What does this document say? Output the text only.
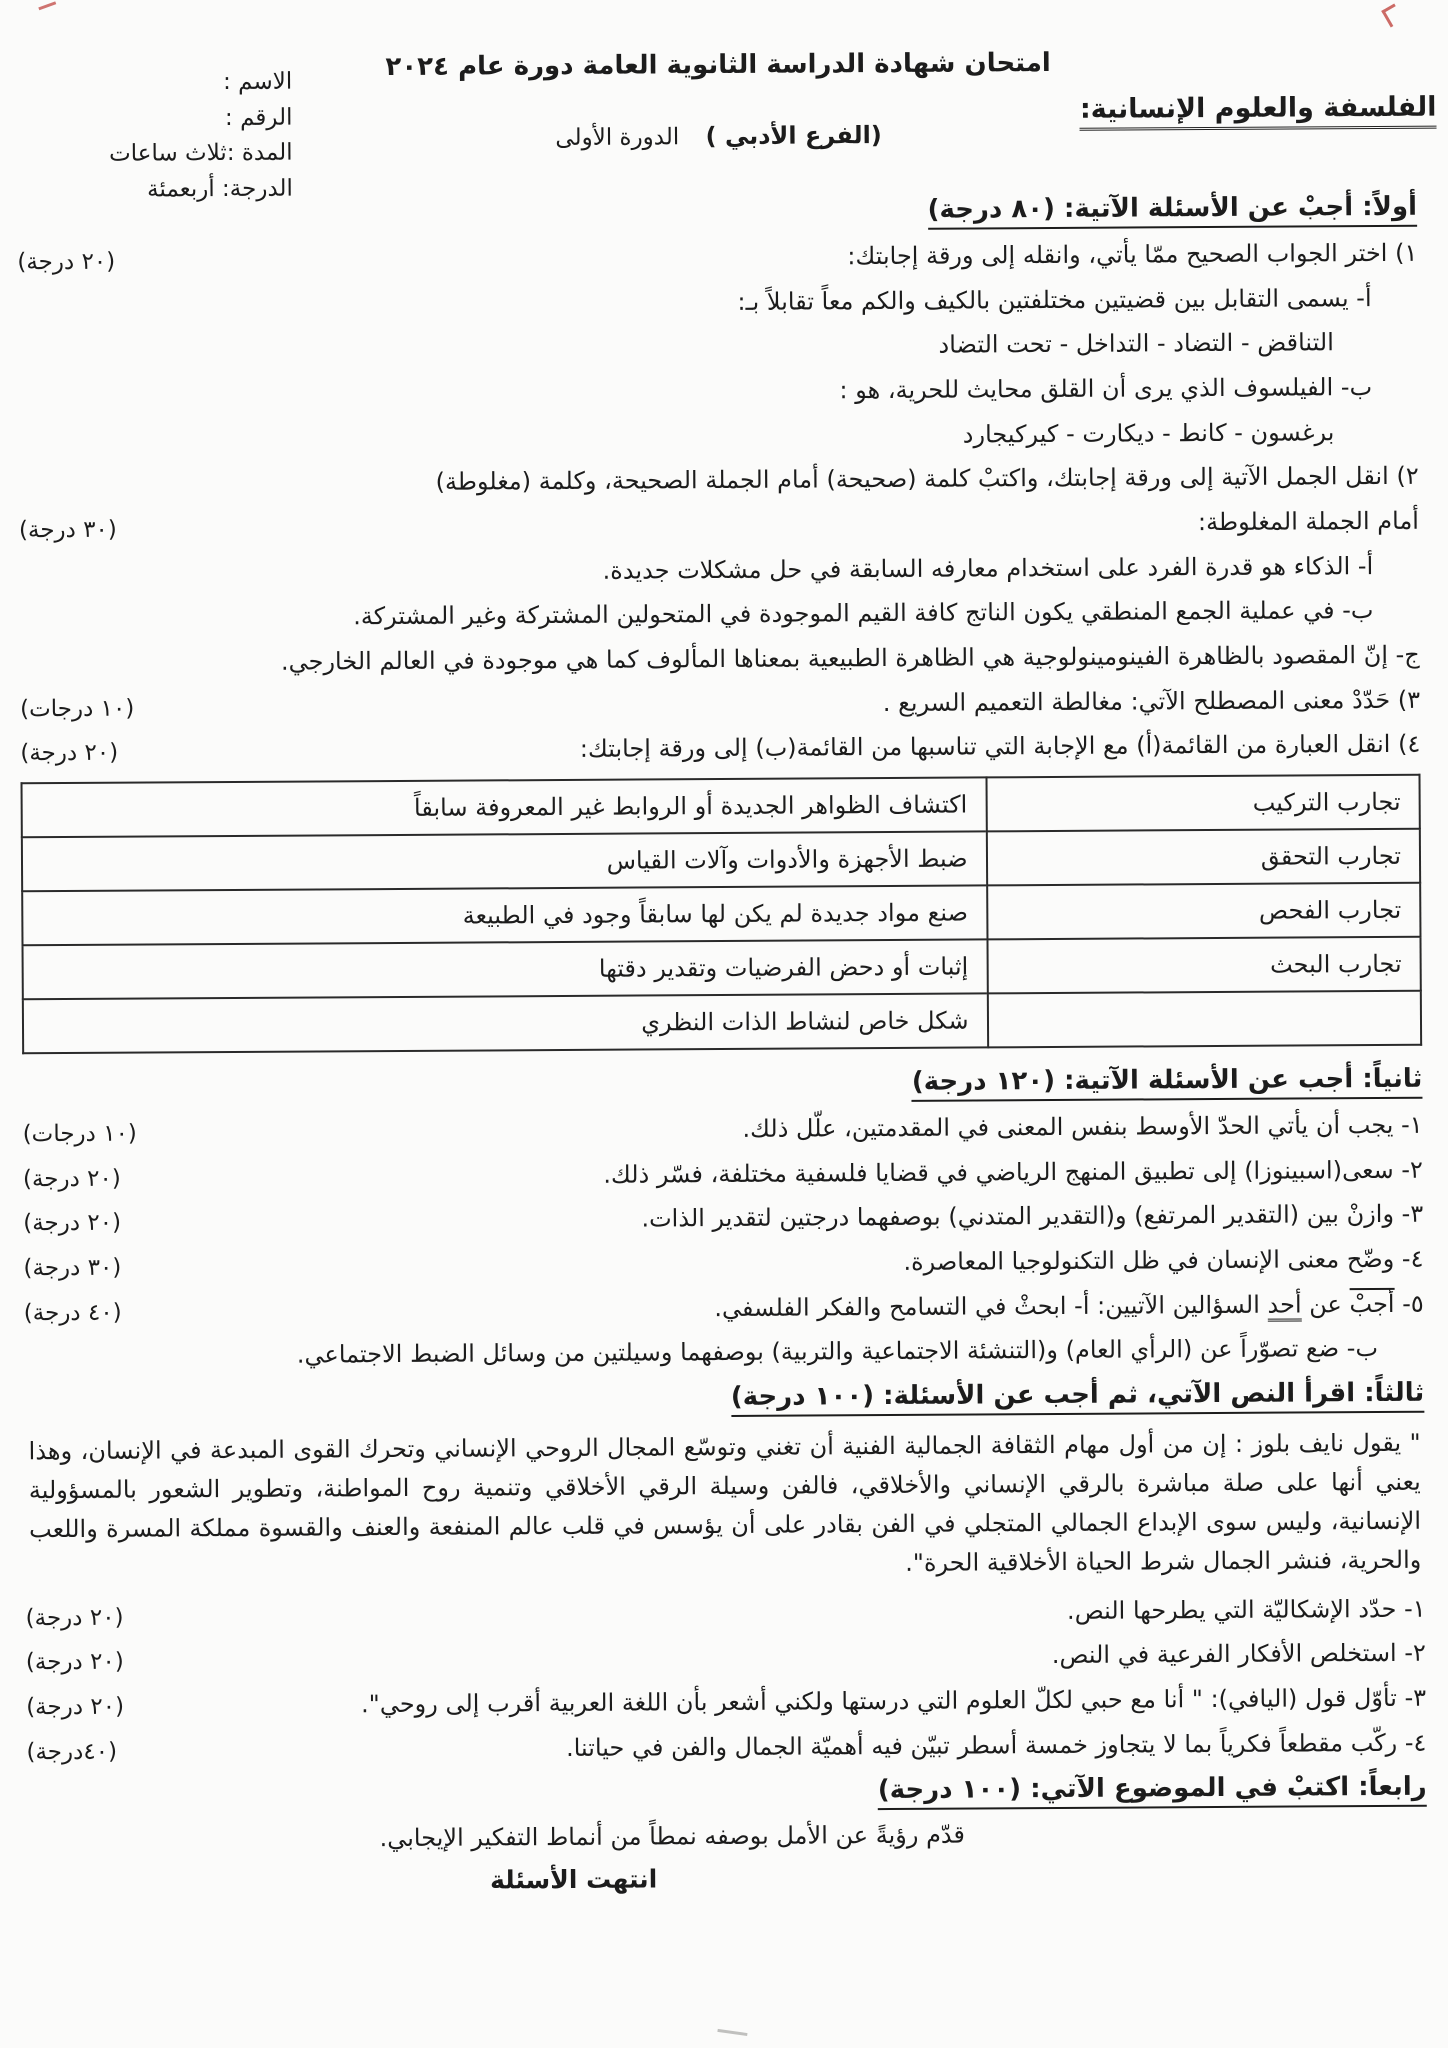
امتحان شهادة الدراسة الثانوية العامة دورة عام ٢٠٢٤
الفلسفة والعلوم الإنسانية:
(الفرع الأدبي ) الدورة الأولى
الاسم :
الرقم :
المدة :ثلاث ساعات
الدرجة: أربعمئة
أولاً: أجبْ عن الأسئلة الآتية: (٨٠ درجة)
١) اختر الجواب الصحيح ممّا يأتي، وانقله إلى ورقة إجابتك:
(٢٠ درجة)
أ- يسمى التقابل بين قضيتين مختلفتين بالكيف والكم معاً تقابلاً بـ:
التناقض - التضاد - التداخل - تحت التضاد
ب- الفيلسوف الذي يرى أن القلق محايث للحرية، هو :
برغسون - كانط - ديكارت - كيركيجارد
٢) انقل الجمل الآتية إلى ورقة إجابتك، واكتبْ كلمة (صحيحة) أمام الجملة الصحيحة، وكلمة (مغلوطة)
أمام الجملة المغلوطة:
(٣٠ درجة)
أ- الذكاء هو قدرة الفرد على استخدام معارفه السابقة في حل مشكلات جديدة.
ب- في عملية الجمع المنطقي يكون الناتج كافة القيم الموجودة في المتحولين المشتركة وغير المشتركة.
ج- إنّ المقصود بالظاهرة الفينومينولوجية هي الظاهرة الطبيعية بمعناها المألوف كما هي موجودة في العالم الخارجي.
٣) حَدّدْ معنى المصطلح الآتي: مغالطة التعميم السريع .
(١٠ درجات)
٤) انقل العبارة من القائمة(أ) مع الإجابة التي تناسبها من القائمة(ب) إلى ورقة إجابتك:
(٢٠ درجة)
تجارب التركيب	اكتشاف الظواهر الجديدة أو الروابط غير المعروفة سابقاً
تجارب التحقق	ضبط الأجهزة والأدوات وآلات القياس
تجارب الفحص	صنع مواد جديدة لم يكن لها سابقاً وجود في الطبيعة
تجارب البحث	إثبات أو دحض الفرضيات وتقدير دقتها
	شكل خاص لنشاط الذات النظري
ثانياً: أجب عن الأسئلة الآتية: (١٢٠ درجة)
١- يجب أن يأتي الحدّ الأوسط بنفس المعنى في المقدمتين، علّل ذلك.
(١٠ درجات)
٢- سعى(اسبينوزا) إلى تطبيق المنهج الرياضي في قضايا فلسفية مختلفة، فسّر ذلك.
(٢٠ درجة)
٣- وازنْ بين (التقدير المرتفع) و(التقدير المتدني) بوصفهما درجتين لتقدير الذات.
(٢٠ درجة)
٤- وضّح معنى الإنسان في ظل التكنولوجيا المعاصرة.
(٣٠ درجة)
٥- أجبْ عن أحد السؤالين الآتيين: أ- ابحثْ في التسامح والفكر الفلسفي.
(٤٠ درجة)
ب- ضع تصوّراً عن (الرأي العام) و(التنشئة الاجتماعية والتربية) بوصفهما وسيلتين من وسائل الضبط الاجتماعي.
ثالثاً: اقرأ النص الآتي، ثم أجب عن الأسئلة: (١٠٠ درجة)
" يقول نايف بلوز : إن من أول مهام الثقافة الجمالية الفنية أن تغني وتوسّع المجال الروحي الإنساني وتحرك القوى المبدعة في الإنسان، وهذا يعني أنها على صلة مباشرة بالرقي الإنساني والأخلاقي، فالفن وسيلة الرقي الأخلاقي وتنمية روح المواطنة، وتطوير الشعور بالمسؤولية الإنسانية، وليس سوى الإبداع الجمالي المتجلي في الفن بقادر على أن يؤسس في قلب عالم المنفعة والعنف والقسوة مملكة المسرة واللعب والحرية، فنشر الجمال شرط الحياة الأخلاقية الحرة".
١- حدّد الإشكاليّة التي يطرحها النص.
(٢٠ درجة)
٢- استخلص الأفكار الفرعية في النص.
(٢٠ درجة)
٣- تأوّل قول (اليافي): " أنا مع حبي لكلّ العلوم التي درستها ولكني أشعر بأن اللغة العربية أقرب إلى روحي".
(٢٠ درجة)
٤- ركّب مقطعاً فكرياً بما لا يتجاوز خمسة أسطر تبيّن فيه أهميّة الجمال والفن في حياتنا.
(٤٠درجة)
رابعاً: اكتبْ في الموضوع الآتي: (١٠٠ درجة)
قدّم رؤيةً عن الأمل بوصفه نمطاً من أنماط التفكير الإيجابي.
انتهت الأسئلة
